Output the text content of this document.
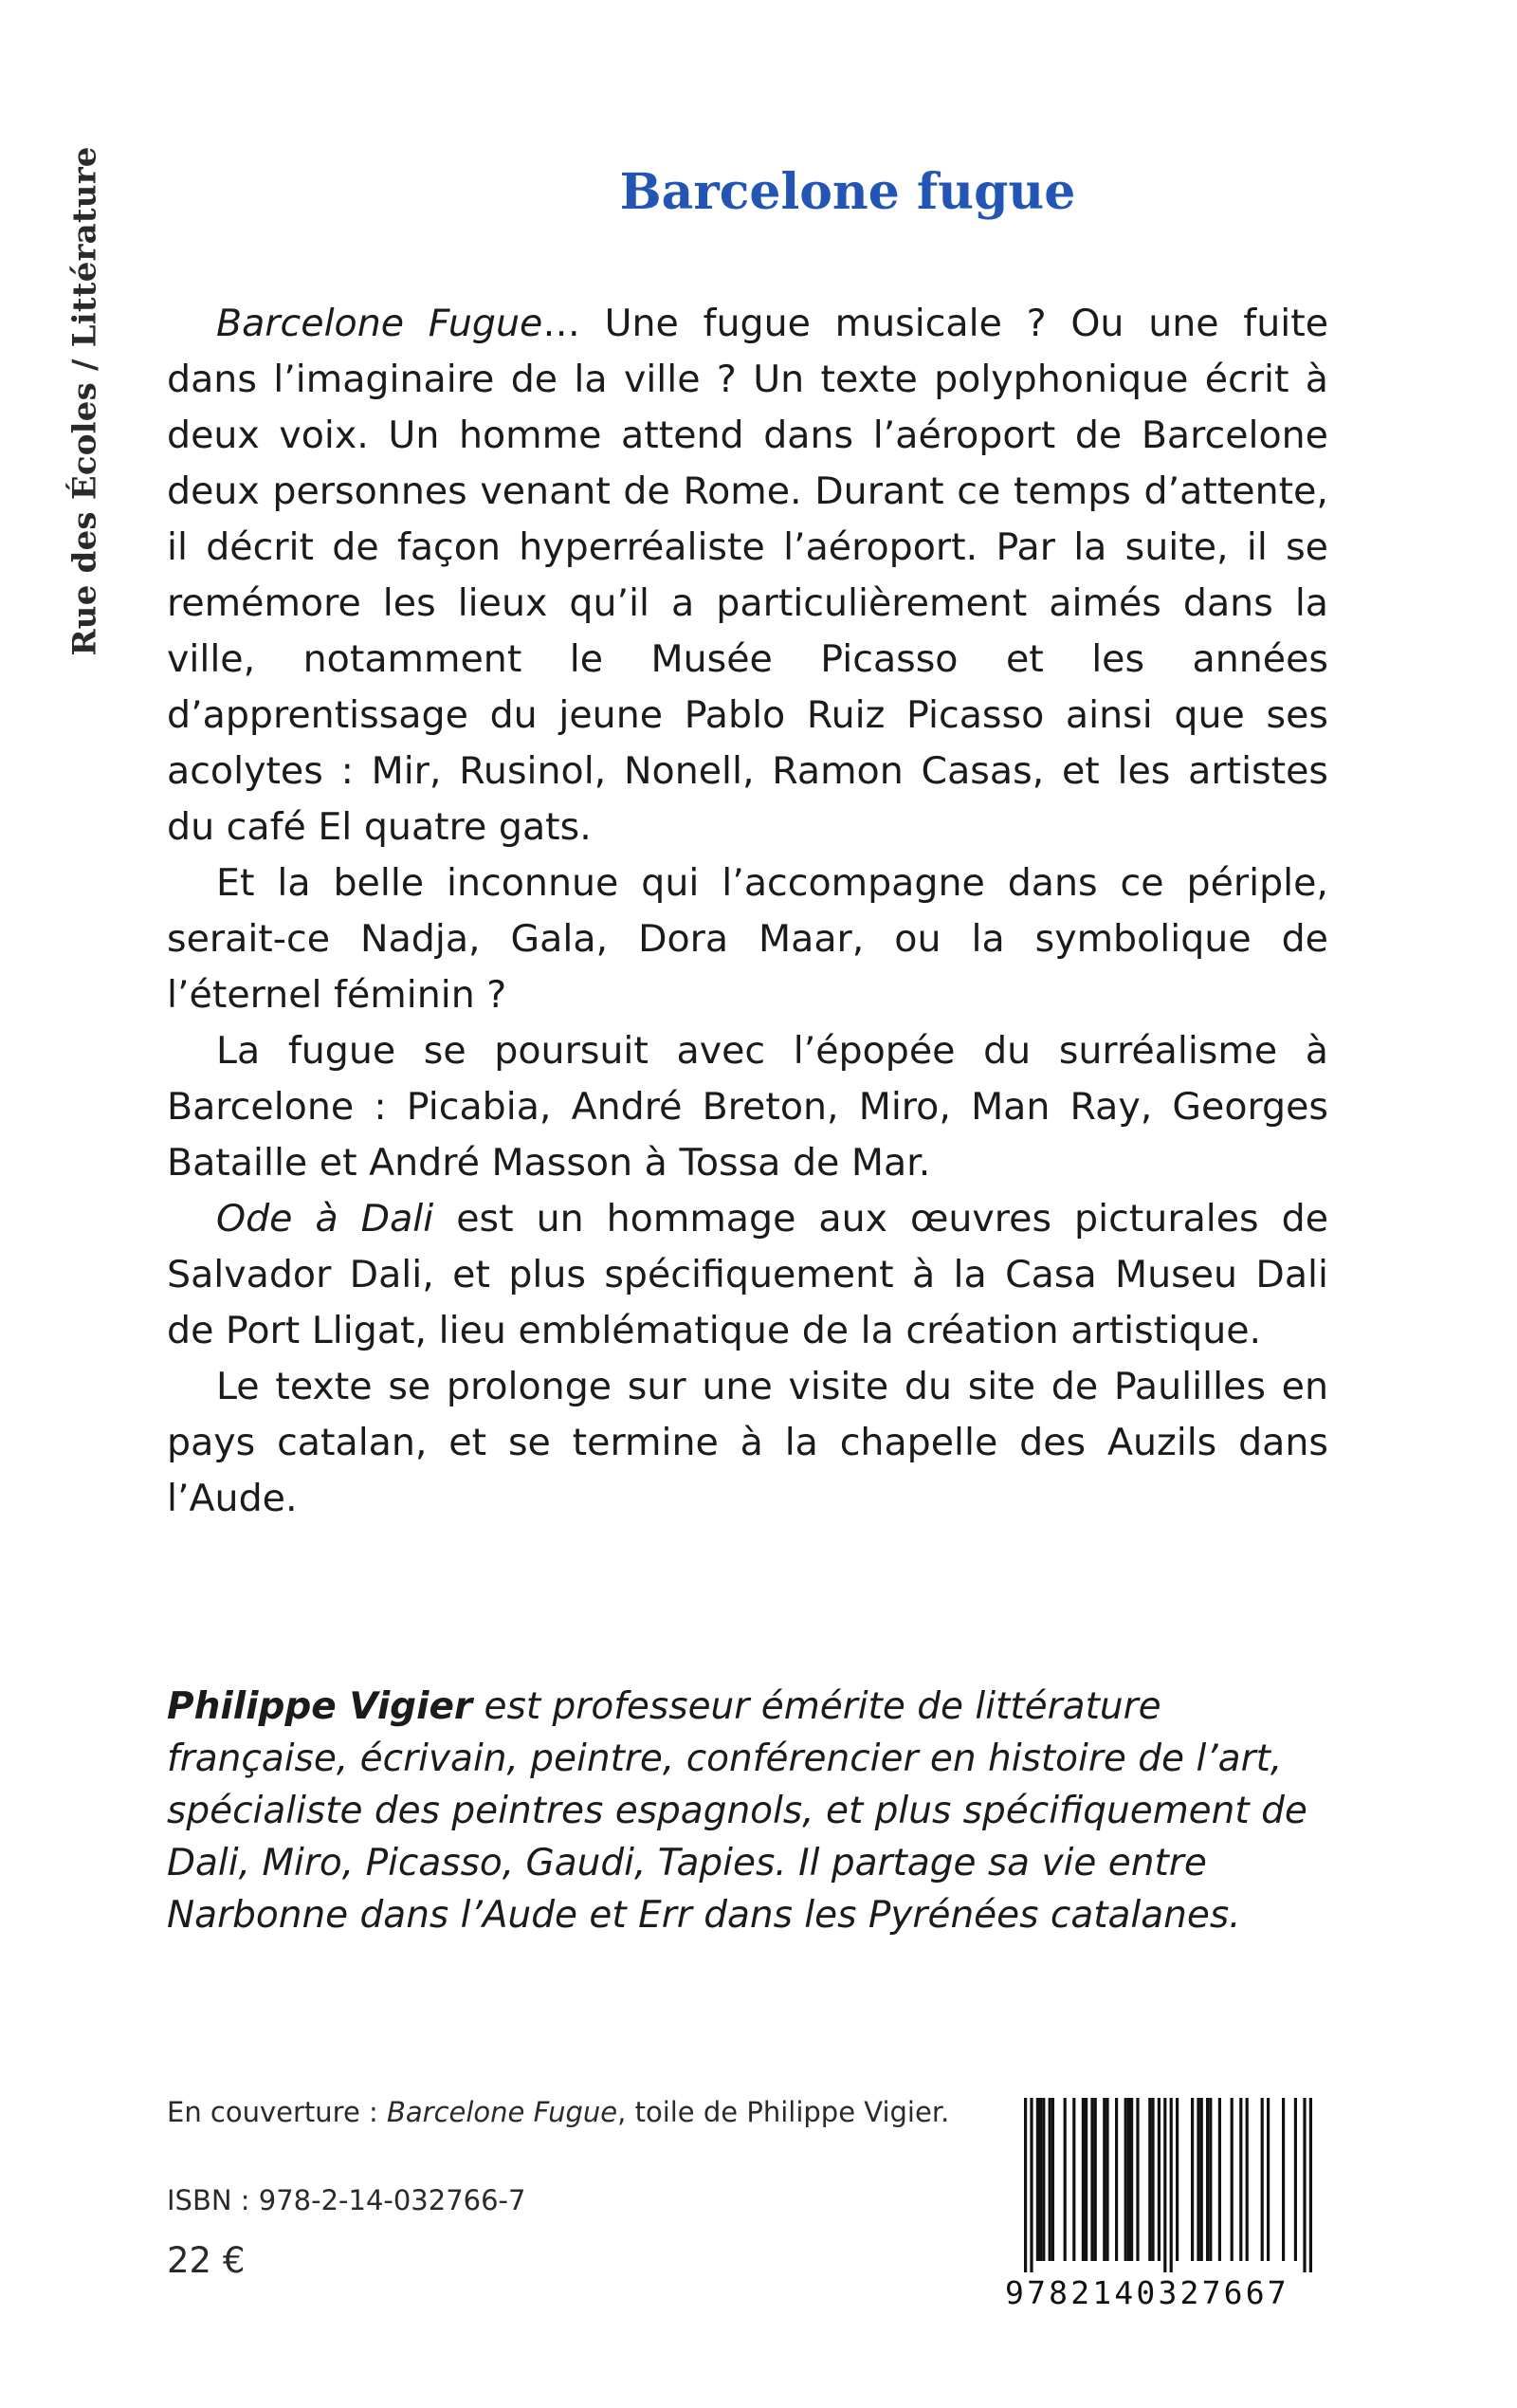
Rue des Écoles / Littérature	Barcelone fugue

Barcelone Fugue… Une fugue musicale ? Ou une fuite dans l’imaginaire de la ville ? Un texte polyphonique écrit à deux voix. Un homme attend dans l’aéroport de Barcelone deux personnes venant de Rome. Durant ce temps d’attente, il décrit de façon hyperréaliste l’aéroport. Par la suite, il se remémore les lieux qu’il a particulièrement aimés dans la ville, notamment le Musée Picasso et les années d’apprentissage du jeune Pablo Ruiz Picasso ainsi que ses acolytes : Mir, Rusinol, Nonell, Ramon Casas, et les artistes du café El quatre gats.

Et la belle inconnue qui l’accompagne dans ce périple, serait-ce Nadja, Gala, Dora Maar, ou la symbolique de l’éternel féminin ?

La fugue se poursuit avec l’épopée du surréalisme à Barcelone : Picabia, André Breton, Miro, Man Ray, Georges Bataille et André Masson à Tossa de Mar.

Ode à Dali est un hommage aux œuvres picturales de Salvador Dali, et plus spécifiquement à la Casa Museu Dali de Port Lligat, lieu emblématique de la création artistique.

Le texte se prolonge sur une visite du site de Paulilles en pays catalan, et se termine à la chapelle des Auzils dans l’Aude.

Philippe Vigier est professeur émérite de littérature française, écrivain, peintre, conférencier en histoire de l’art, spécialiste des peintres espagnols, et plus spécifiquement de Dali, Miro, Picasso, Gaudi, Tapies. Il partage sa vie entre Narbonne dans l’Aude et Err dans les Pyrénées catalanes.

En couverture : Barcelone Fugue, toile de Philippe Vigier.

ISBN : 978-2-14-032766-7

22 €

9782140327667
